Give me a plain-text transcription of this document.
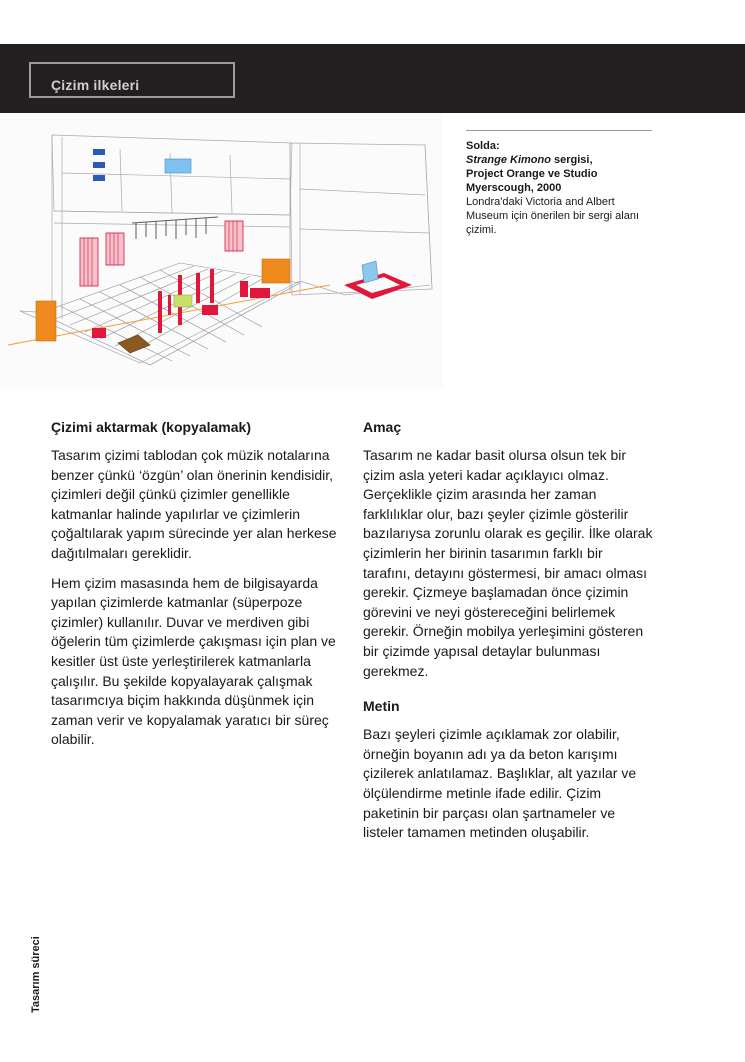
Çizim ilkeleri
Solda:
Strange Kimono sergisi,
Project Orange ve Studio
Myerscough, 2000
Londra'daki Victoria and Albert Museum için önerilen bir sergi alanı çizimi.
Çizimi aktarmak (kopyalamak)

Tasarım çizimi tablodan çok müzik notalarına benzer çünkü ‘özgün’ olan önerinin kendisidir, çizimleri değil çünkü çizimler genellikle katmanlar halinde yapılırlar ve çizimlerin çoğaltılarak yapım sürecinde yer alan herkese dağıtılmaları gereklidir.

Hem çizim masasında hem de bilgisayarda yapılan çizimlerde katmanlar (süperpoze çizimler) kullanılır. Duvar ve merdiven gibi öğelerin tüm çizimlerde çakışması için plan ve kesitler üst üste yerleştirilerek katmanlarla çalışılır. Bu şekilde kopyalayarak çalışmak tasarımcıya biçim hakkında düşünmek için zaman verir ve kopyalamak yaratıcı bir süreç olabilir.

Amaç

Tasarım ne kadar basit olursa olsun tek bir çizim asla yeteri kadar açıklayıcı olmaz. Gerçeklikle çizim arasında her zaman farklılıklar olur, bazı şeyler çizimle gösterilir bazılarıysa zorunlu olarak es geçilir. İlke olarak çizimlerin her birinin tasarımın farklı bir tarafını, detayını göstermesi, bir amacı olması gerekir. Çizmeye başlamadan önce çizimin görevini ve neyi göstereceğini belirlemek gerekir. Örneğin mobilya yerleşimini gösteren bir çizimde yapısal detaylar bulunması gerekmez.

Metin

Bazı şeyleri çizimle açıklamak zor olabilir, örneğin boyanın adı ya da beton karışımı çizilerek anlatılamaz. Başlıklar, alt yazılar ve ölçülendirme metinle ifade edilir. Çizim paketinin bir parçası olan şartnameler ve listeler tamamen metinden oluşabilir.

Tasarım süreci
